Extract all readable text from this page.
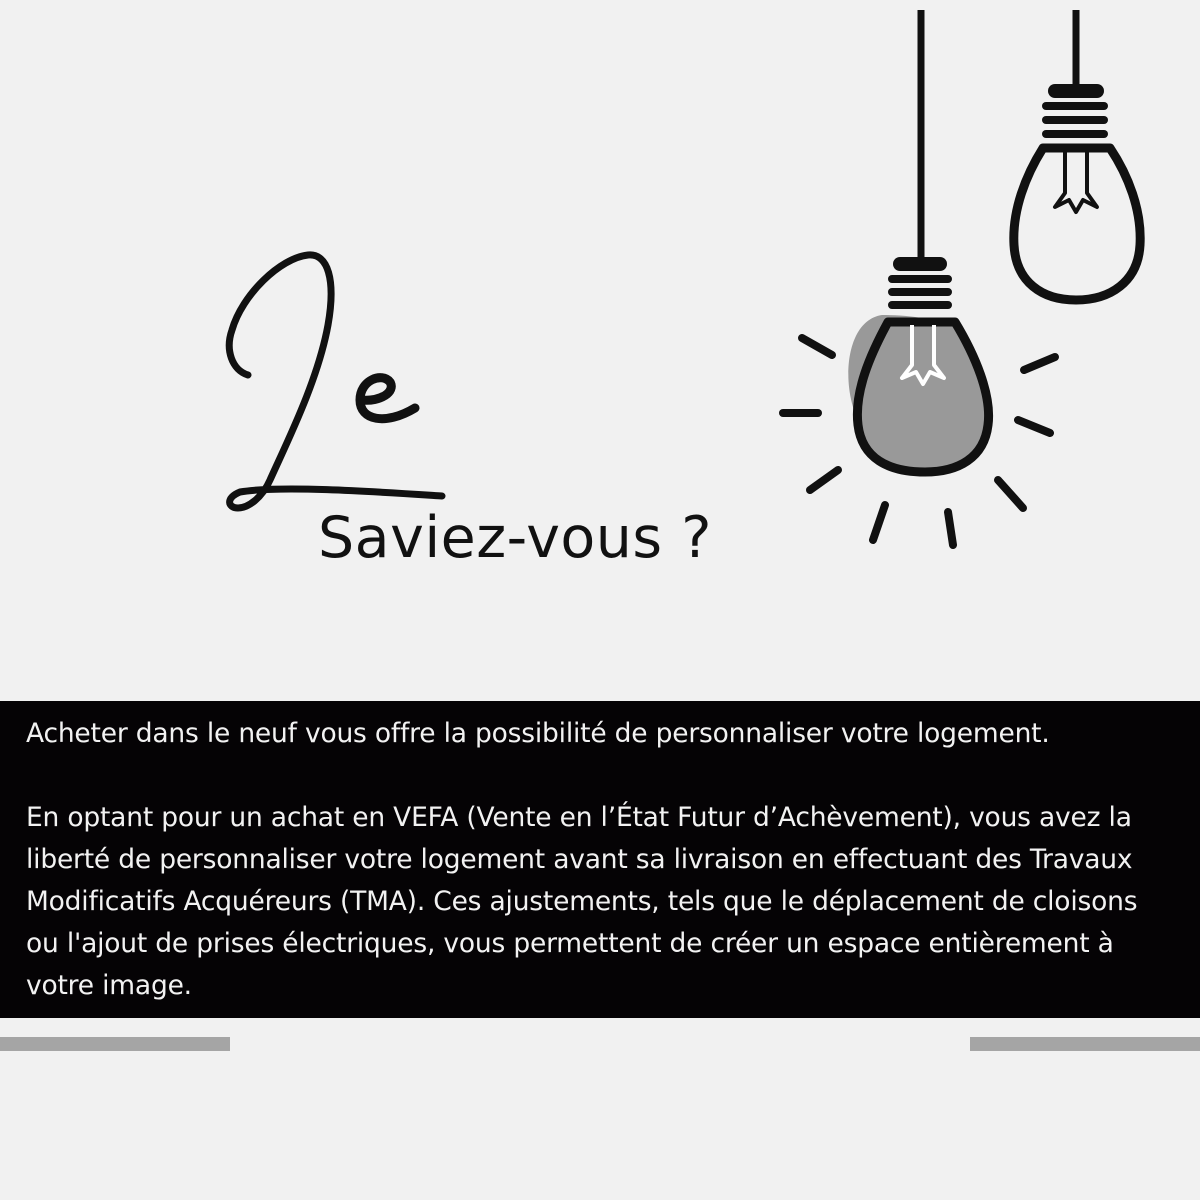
Saviez-vous ?

Acheter dans le neuf vous offre la possibilité de personnaliser votre logement.

En optant pour un achat en VEFA (Vente en l’État Futur d’Achèvement), vous avez la liberté de personnaliser votre logement avant sa livraison en effectuant des Travaux Modificatifs Acquéreurs (TMA). Ces ajustements, tels que le déplacement de cloisons ou l'ajout de prises électriques, vous permettent de créer un espace entièrement à votre image.
